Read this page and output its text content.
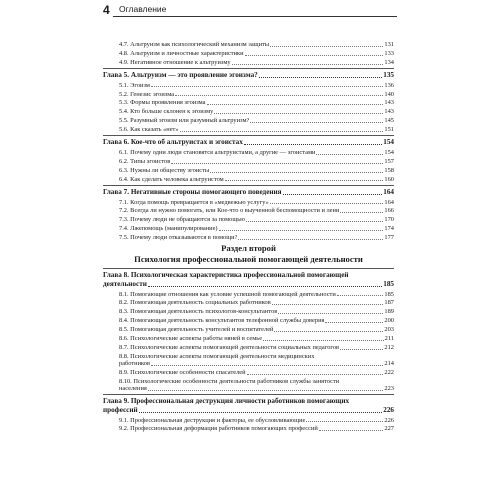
4 Оглавление
4.7. Альтруизм как психологический механизм защиты	131
4.8. Альтруизм и личностные характеристики	133
4.9. Негативное отношение к альтруизму	134
Глава 5. Альтруизм — это проявление эгоизма?	135
5.1. Эгоизм	136
5.2. Генезис эгоизма	140
5.3. Формы проявления эгоизма	143
5.4. Кто больше склонен к эгоизму	143
5.5. Разумный эгоизм или разумный альтруизм?	145
5.6. Как сказать «нет»	151
Глава 6. Кое-что об альтруистах и эгоистах	154
6.1. Почему одни люди становятся альтруистами, а другие — эгоистами	154
6.2. Типы эгоистов	157
6.3. Нужны ли обществу эгоисты	158
6.4. Как сделать человека альтруистом	160
Глава 7. Негативные стороны помогающего поведения	164
7.1. Когда помощь превращается в «медвежью услугу»	164
7.2. Всегда ли нужно помогать, или Кое-что о выученной беспомощности и лени	166
7.3. Почему люди не обращаются за помощью	170
7.4. Лжепомощь (манипулирование)	174
7.5. Почему люди отказываются в помощи?	177
Раздел второй
Психология профессиональной помогающей деятельности
Глава 8. Психологическая характеристика профессиональной помогающей
деятельности	185
8.1. Помогающие отношения как условие успешной помогающей деятельности	185
8.2. Помогающая деятельность социальных работников	187
8.3. Помогающая деятельность психологов-консультантов	189
8.4. Помогающая деятельность консультантов телефонной службы доверия	200
8.5. Помогающая деятельность учителей и воспитателей	203
8.6. Психологические аспекты работы няней в семье	211
8.7. Психологические аспекты помогающей деятельности социальных педагогов	212
8.8. Психологические аспекты помогающей деятельности медицинских
работников	214
8.9. Психологические особенности спасателей	222
8.10. Психологические особенности деятельности работников службы занятости
населения	223
Глава 9. Профессиональная деструкция личности работников помогающих
профессий	226
9.1. Профессиональная деструкция и факторы, ее обусловливающие	226
9.2. Профессиональная деформация работников помогающих профессий	227
